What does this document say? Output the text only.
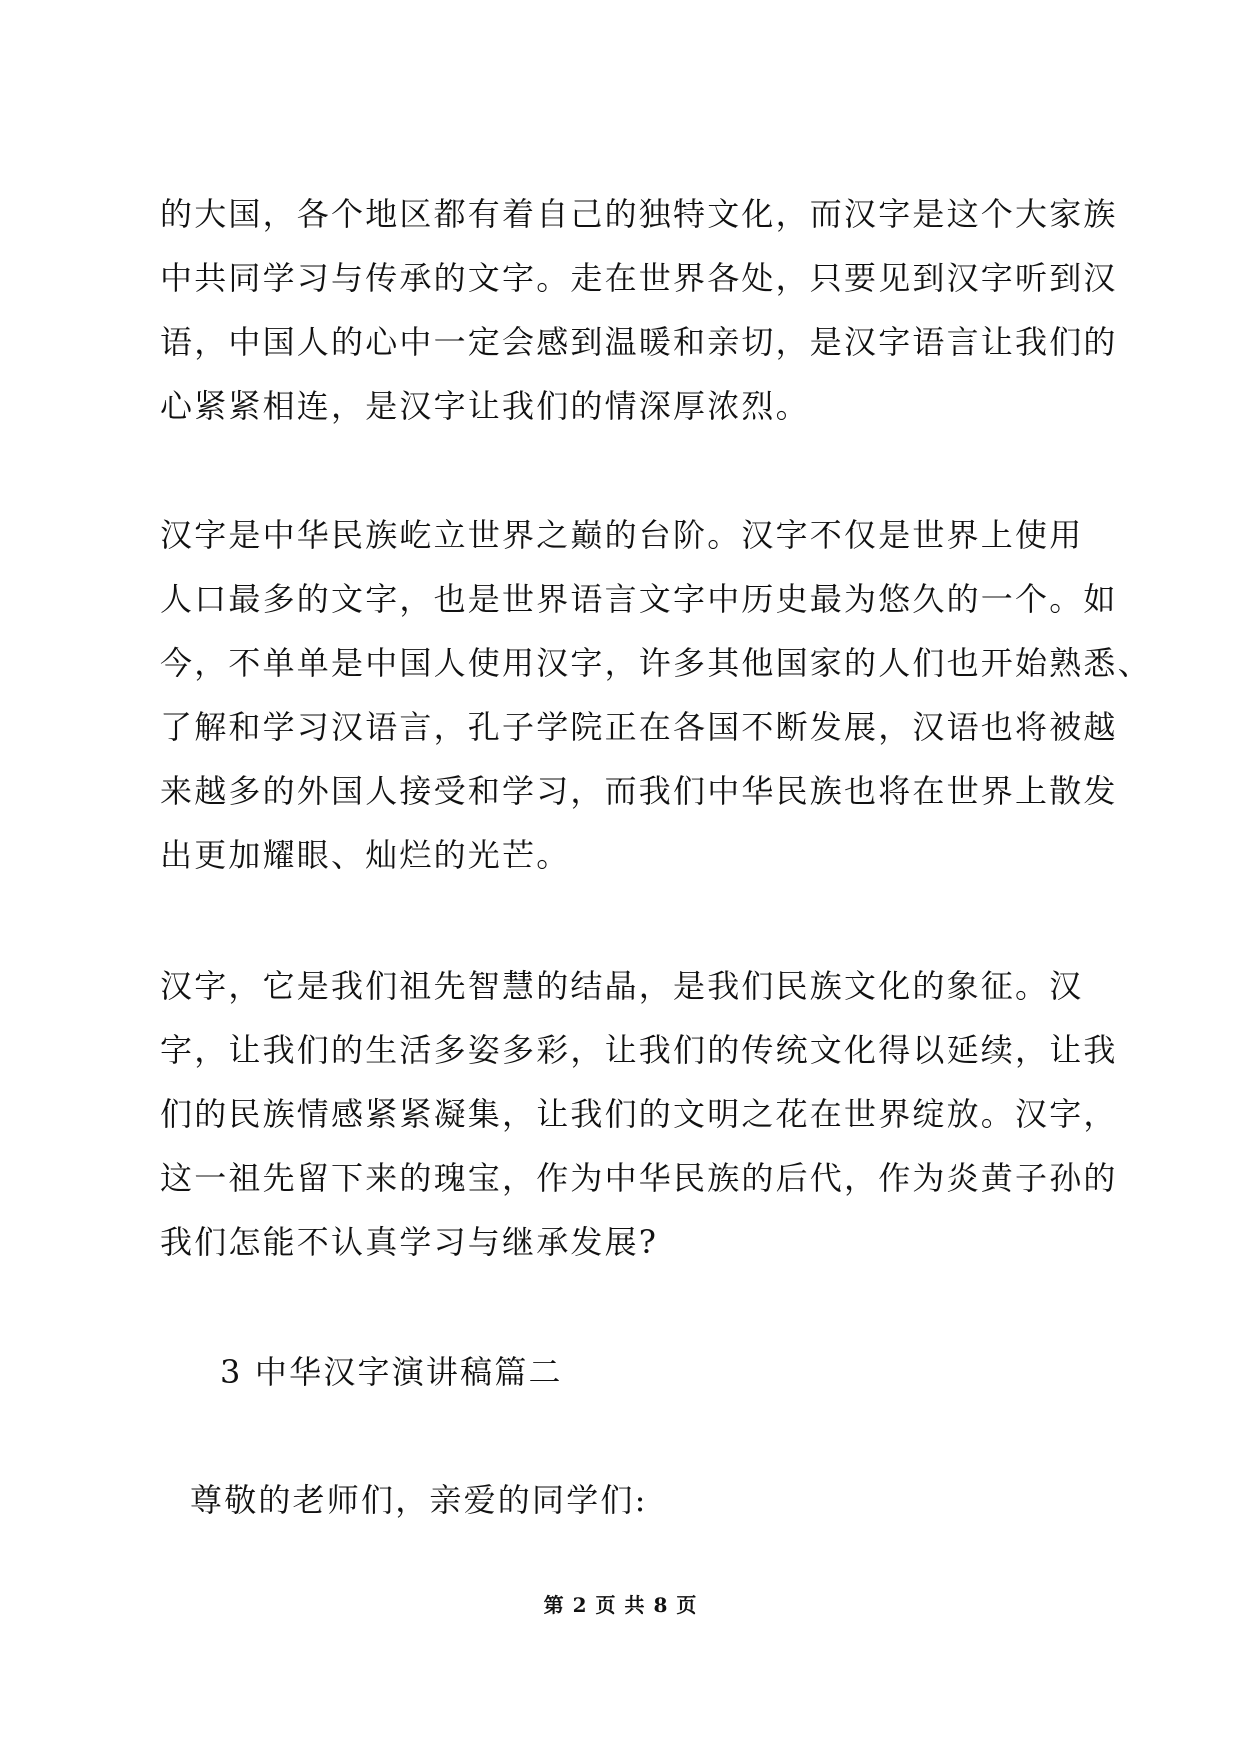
的大国，各个地区都有着自己的独特文化，而汉字是这个大家族
中共同学习与传承的文字。走在世界各处，只要见到汉字听到汉
语，中国人的心中一定会感到温暖和亲切，是汉字语言让我们的
心紧紧相连，是汉字让我们的情深厚浓烈。
汉字是中华民族屹立世界之巅的台阶。汉字不仅是世界上使用
人口最多的文字，也是世界语言文字中历史最为悠久的一个。如
今，不单单是中国人使用汉字，许多其他国家的人们也开始熟悉、
了解和学习汉语言，孔子学院正在各国不断发展，汉语也将被越
来越多的外国人接受和学习，而我们中华民族也将在世界上散发
出更加耀眼、灿烂的光芒。
汉字，它是我们祖先智慧的结晶，是我们民族文化的象征。汉
字，让我们的生活多姿多彩，让我们的传统文化得以延续，让我
们的民族情感紧紧凝集，让我们的文明之花在世界绽放。汉字，
这一祖先留下来的瑰宝，作为中华民族的后代，作为炎黄子孙的
我们怎能不认真学习与继承发展?
3 中华汉字演讲稿篇二
尊敬的老师们，亲爱的同学们:
第 2 页 共 8 页
